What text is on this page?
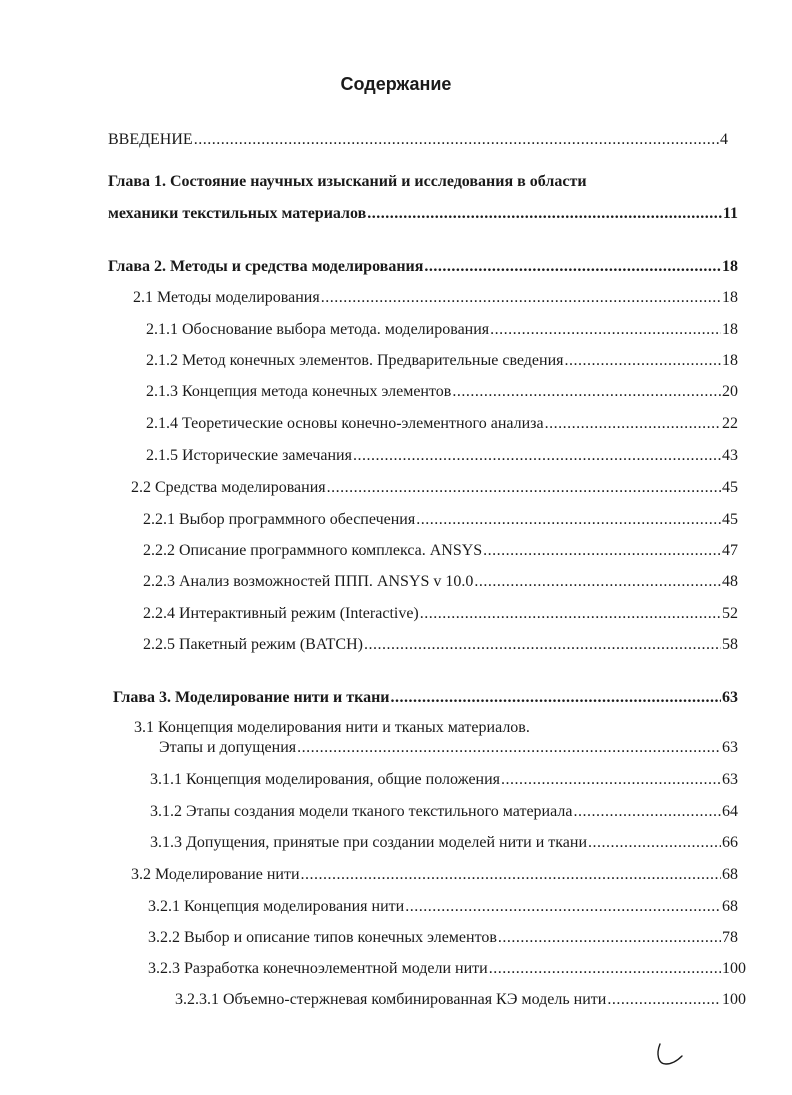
Содержание
ВВЕДЕНИЕ .....	4
Глава 1. Состояние научных изысканий и исследования в области
механики текстильных материалов .....	11
Глава 2. Методы и средства моделирования .....	18
2.1 Методы моделирования .....	18
2.1.1 Обоснование выбора метода. моделирования .....	18
2.1.2 Метод конечных элементов. Предварительные сведения .....	18
2.1.3 Концепция метода конечных элементов .....	20
2.1.4 Теоретические основы конечно-элементного анализа .....	22
2.1.5 Исторические замечания .....	43
2.2 Средства моделирования .....	45
2.2.1 Выбор программного обеспечения .....	45
2.2.2 Описание программного комплекса. ANSYS .....	47
2.2.3 Анализ возможностей ППП. ANSYS v 10.0 .....	48
2.2.4 Интерактивный режим (Interactive) .....	52
2.2.5 Пакетный режим (BATCH) .....	58
Глава 3. Моделирование нити и ткани .....	63
3.1 Концепция моделирования нити и тканых материалов.
Этапы и допущения .....	63
3.1.1 Концепция моделирования, общие положения .....	63
3.1.2 Этапы создания модели тканого текстильного материала .....	64
3.1.3 Допущения, принятые при создании моделей нити и ткани .....	66
3.2 Моделирование нити .....	68
3.2.1 Концепция моделирования нити .....	68
3.2.2 Выбор и описание типов конечных элементов .....	78
3.2.3 Разработка конечноэлементной модели нити .....	100
3.2.3.1 Объемно-стержневая комбинированная КЭ модель нити .....	100
